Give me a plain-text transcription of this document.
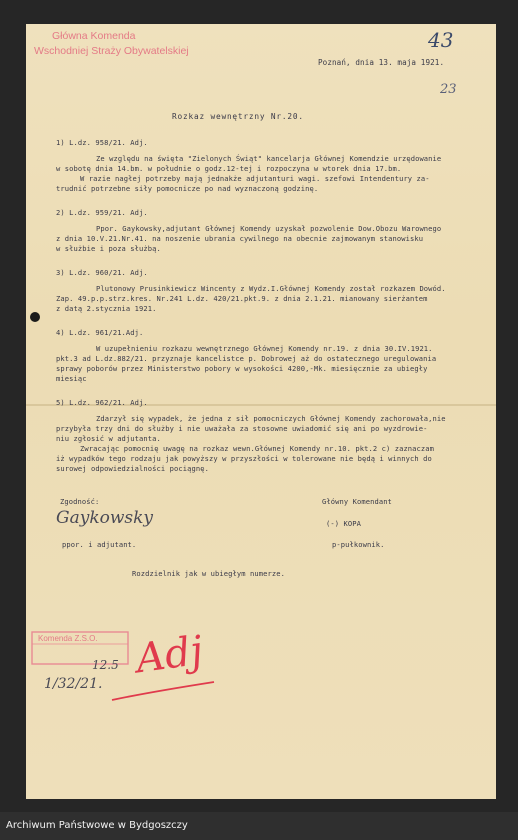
Główna Komenda
Wschodniej Straży Obywatelskiej
Poznań, dnia 13. maja 1921.
43
23
Rozkaz wewnętrzny Nr.20.
1) L.dz. 958/21. Adj.
Ze względu na święta "Zielonych Świąt" kancelarja Głównej Komendzie urzędowanie
w sobotę dnia 14.bm. w południe o godz.12-tej i rozpoczyna w wtorek dnia 17.bm.
W razie nagłej potrzeby mają jednakże adjutanturi wagi. szefowi Intendentury za-
trudnić potrzebne siły pomocnicze po nad wyznaczoną godzinę.
2) L.dz. 959/21. Adj.
Ppor. Gaykowsky,adjutant Głównej Komendy uzyskał pozwolenie Dow.Obozu Warownego
z dnia 10.V.21.Nr.41. na noszenie ubrania cywilnego na obecnie zajmowanym stanowisku
w służbie i poza służbą.
3) L.dz. 960/21. Adj.
Plutonowy Prusinkiewicz Wincenty z Wydz.I.Głównej Komendy został rozkazem Dowód.
Zap. 49.p.p.strz.kres. Nr.241 L.dz. 420/21.pkt.9. z dnia 2.1.21. mianowany sierżantem
z datą 2.stycznia 1921.
4) L.dz. 961/21.Adj.
W uzupełnieniu rozkazu wewnętrznego Głównej Komendy nr.19. z dnia 30.IV.1921.
pkt.3 ad L.dz.882/21. przyznaje kancelistce p. Dobrowej aż do ostatecznego uregulowania
sprawy poborów przez Ministerstwo pobory w wysokości 4200,-Mk. miesięcznie za ubiegły
miesiąc
5) L.dz. 962/21. Adj.
Zdarzył się wypadek, że jedna z sił pomocniczych Głównej Komendy zachorowała,nie
przybyła trzy dni do służby i nie uważała za stosowne uwiadomić się ani po wyzdrowie-
niu zgłosić w adjutanta.
Zwracając pomocnię uwagę na rozkaz wewn.Głównej Komendy nr.10. pkt.2 c) zaznaczam
iż wypadków tego rodzaju jak powyższy w przyszłości w tolerowane nie będą i winnych do
surowej odpowiedzialności pociągnę.
Zgodność:
Gaykowsky
ppor. i adjutant.
Główny Komendant
(-) KOPA
p-pułkownik.
Rozdzielnik jak w ubiegłym numerze.
Komenda Z.S.O.
12.5
1/32/21.
Adj
Archiwum Państwowe w Bydgoszczy
